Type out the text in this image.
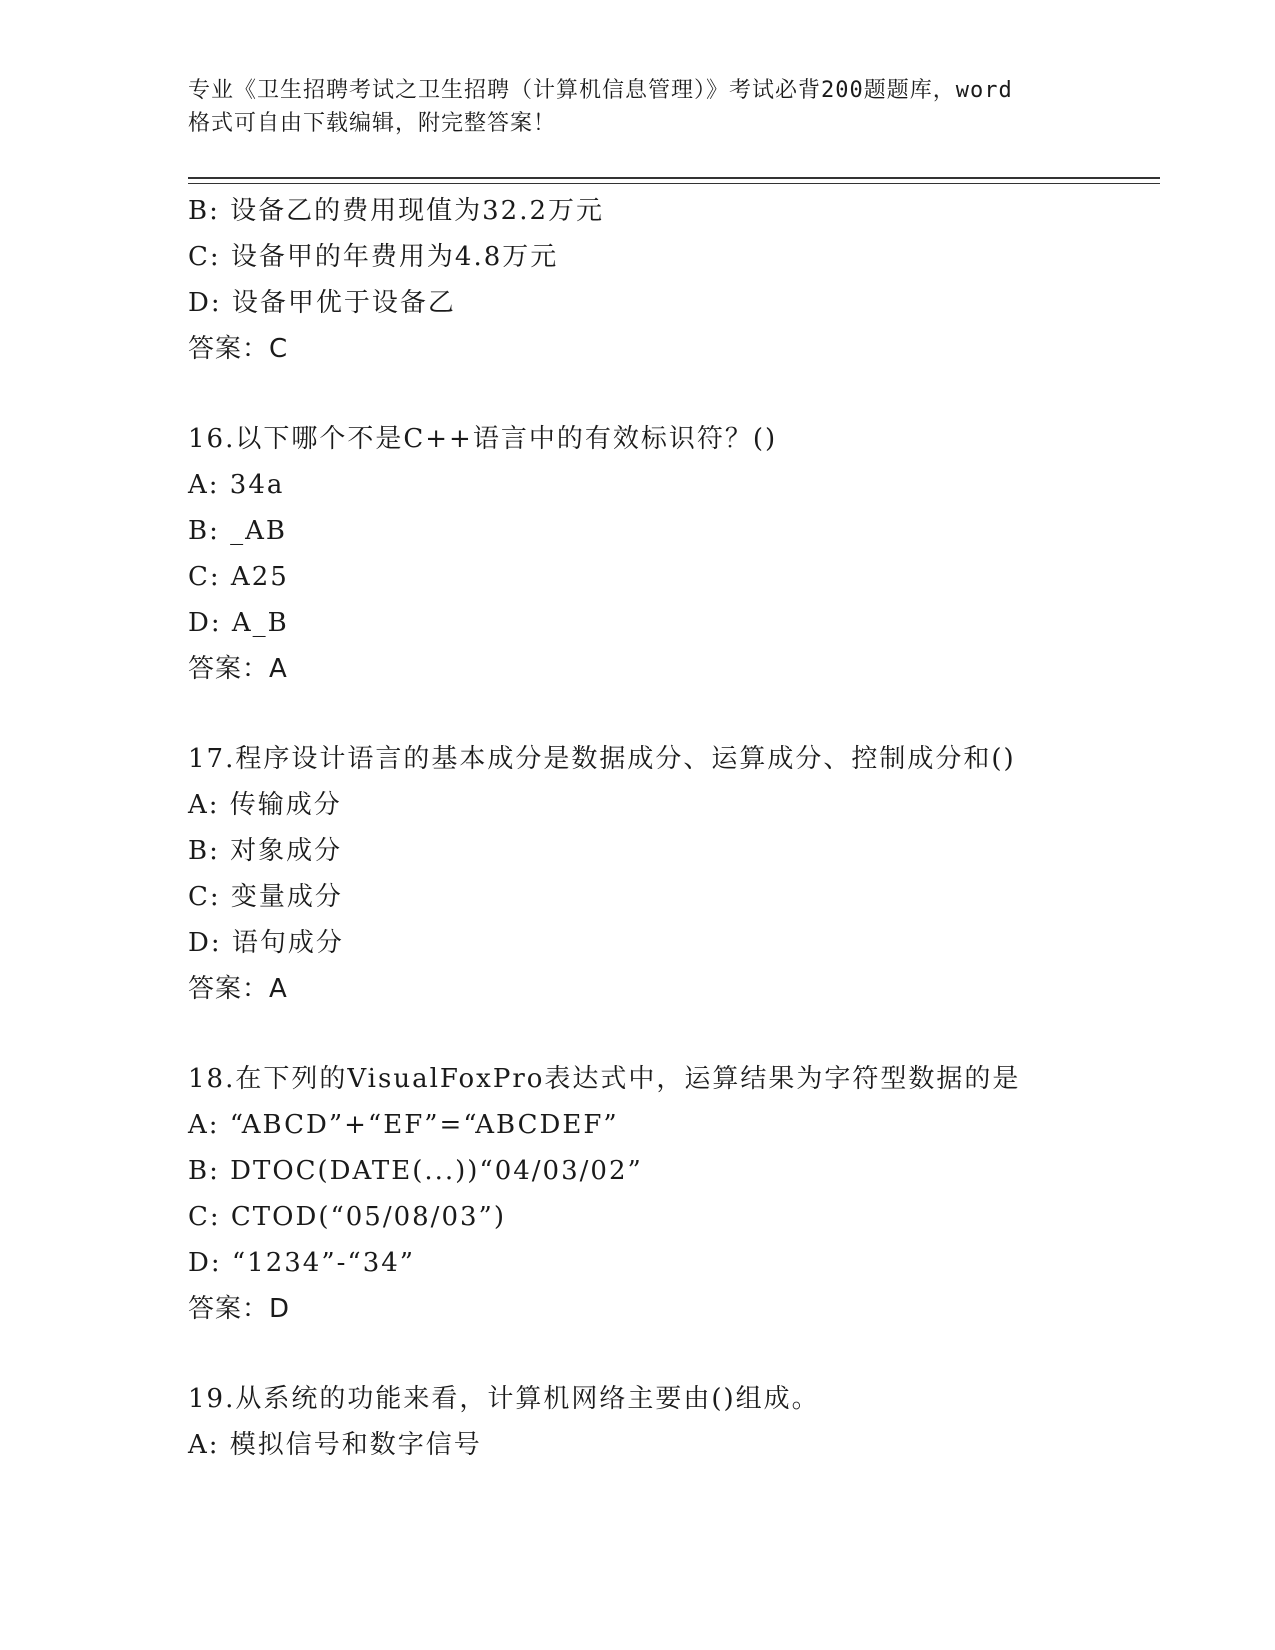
专业《卫生招聘考试之卫生招聘（计算机信息管理）》考试必背200题题库，word
格式可自由下载编辑，附完整答案！
B: 设备乙的费用现值为32.2万元
C: 设备甲的年费用为4.8万元
D: 设备甲优于设备乙
答案：C
16.以下哪个不是C++语言中的有效标识符？()
A: 34a
B: _AB
C: A25
D: A_B
答案：A
17.程序设计语言的基本成分是数据成分、运算成分、控制成分和()
A: 传输成分
B: 对象成分
C: 变量成分
D: 语句成分
答案：A
18.在下列的VisualFoxPro表达式中，运算结果为字符型数据的是
A: “ABCD”+“EF”=“ABCDEF”
B: DTOC(DATE(...))“04/03/02”
C: CTOD(“05/08/03”)
D: “1234”-“34”
答案：D
19.从系统的功能来看，计算机网络主要由()组成。
A: 模拟信号和数字信号
